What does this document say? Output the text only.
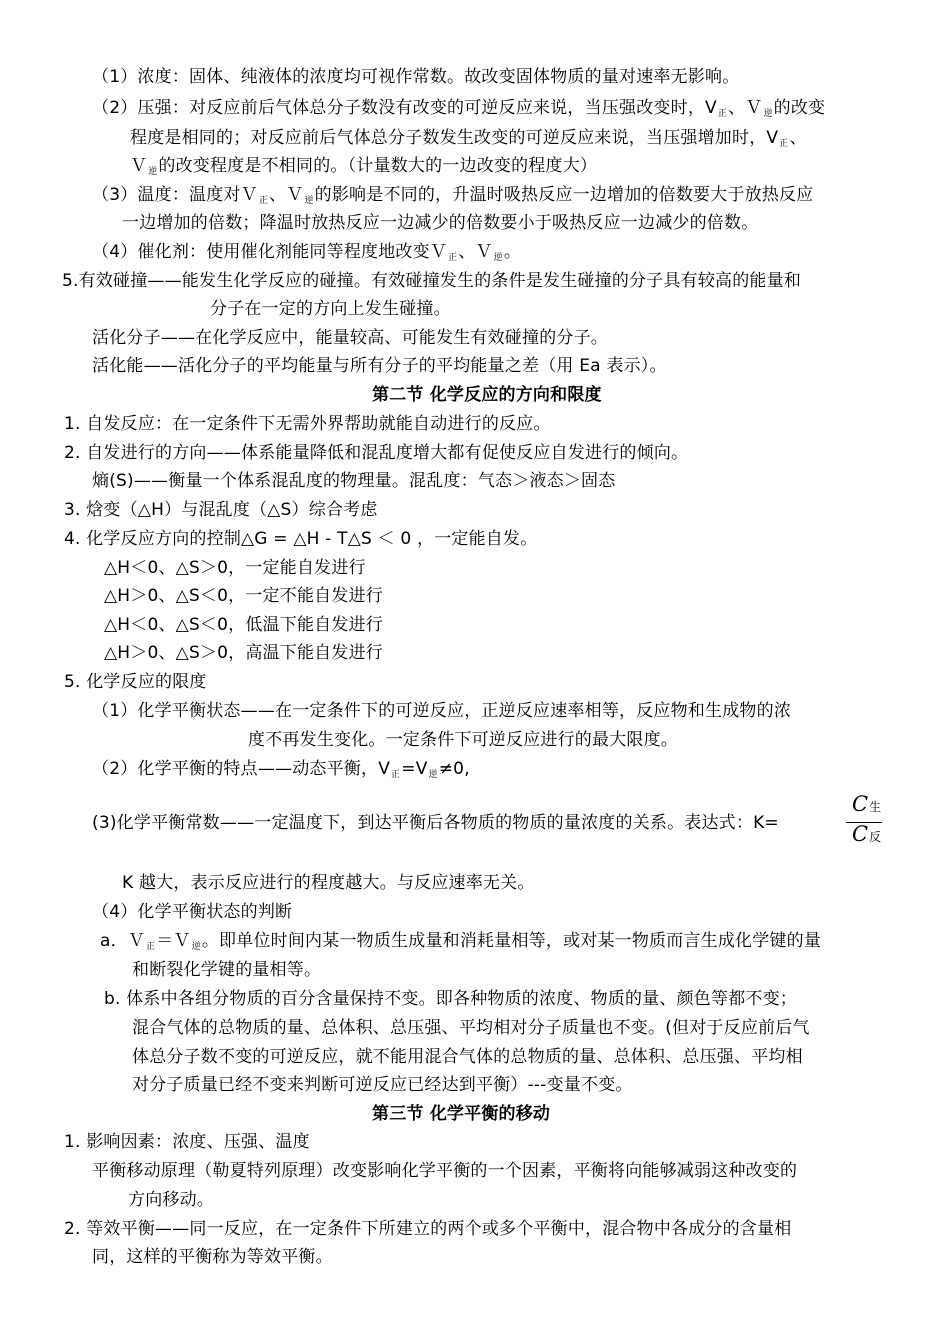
（1）浓度：固体、纯液体的浓度均可视作常数。故改变固体物质的量对速率无影响。
（2）压强：对反应前后气体总分子数没有改变的可逆反应来说，当压强改变时，V正、Ｖ逆的改变
程度是相同的；对反应前后气体总分子数发生改变的可逆反应来说，当压强增加时，V正、
Ｖ逆的改变程度是不相同的。（计量数大的一边改变的程度大）
（3）温度：温度对Ｖ正、Ｖ逆的影响是不同的，升温时吸热反应一边增加的倍数要大于放热反应
一边增加的倍数；降温时放热反应一边减少的倍数要小于吸热反应一边减少的倍数。
（4）催化剂：使用催化剂能同等程度地改变Ｖ正、Ｖ逆。
5.有效碰撞——能发生化学反应的碰撞。有效碰撞发生的条件是发生碰撞的分子具有较高的能量和
分子在一定的方向上发生碰撞。
活化分子——在化学反应中，能量较高、可能发生有效碰撞的分子。
活化能——活化分子的平均能量与所有分子的平均能量之差（用 Ea 表示）。
第二节 化学反应的方向和限度
1. 自发反应：在一定条件下无需外界帮助就能自动进行的反应。
2. 自发进行的方向——体系能量降低和混乱度增大都有促使反应自发进行的倾向。
熵(S)——衡量一个体系混乱度的物理量。混乱度：气态＞液态＞固态
3. 焓变（△H）与混乱度（△S）综合考虑
4. 化学反应方向的控制△G = △H - T△S ＜ 0 ，一定能自发。
△H＜0、△S＞0，一定能自发进行
△H＞0、△S＜0，一定不能自发进行
△H＜0、△S＜0，低温下能自发进行
△H＞0、△S＞0，高温下能自发进行
5. 化学反应的限度
（1）化学平衡状态——在一定条件下的可逆反应，正逆反应速率相等，反应物和生成物的浓
度不再发生变化。一定条件下可逆反应进行的最大限度。
（2）化学平衡的特点——动态平衡，V正=V逆≠0,
(3)化学平衡常数——一定温度下，到达平衡后各物质的物质的量浓度的关系。表达式：K=
C生
C反
K 越大，表示反应进行的程度越大。与反应速率无关。
（4）化学平衡状态的判断
a．Ｖ正＝Ｖ逆。即单位时间内某一物质生成量和消耗量相等，或对某一物质而言生成化学键的量
和断裂化学键的量相等。
b. 体系中各组分物质的百分含量保持不变。即各种物质的浓度、物质的量、颜色等都不变；
混合气体的总物质的量、总体积、总压强、平均相对分子质量也不变。(但对于反应前后气
体总分子数不变的可逆反应，就不能用混合气体的总物质的量、总体积、总压强、平均相
对分子质量已经不变来判断可逆反应已经达到平衡）---变量不变。
第三节 化学平衡的移动
1. 影响因素：浓度、压强、温度
平衡移动原理（勒夏特列原理）改变影响化学平衡的一个因素，平衡将向能够减弱这种改变的
方向移动。
2. 等效平衡——同一反应，在一定条件下所建立的两个或多个平衡中，混合物中各成分的含量相
同，这样的平衡称为等效平衡。
